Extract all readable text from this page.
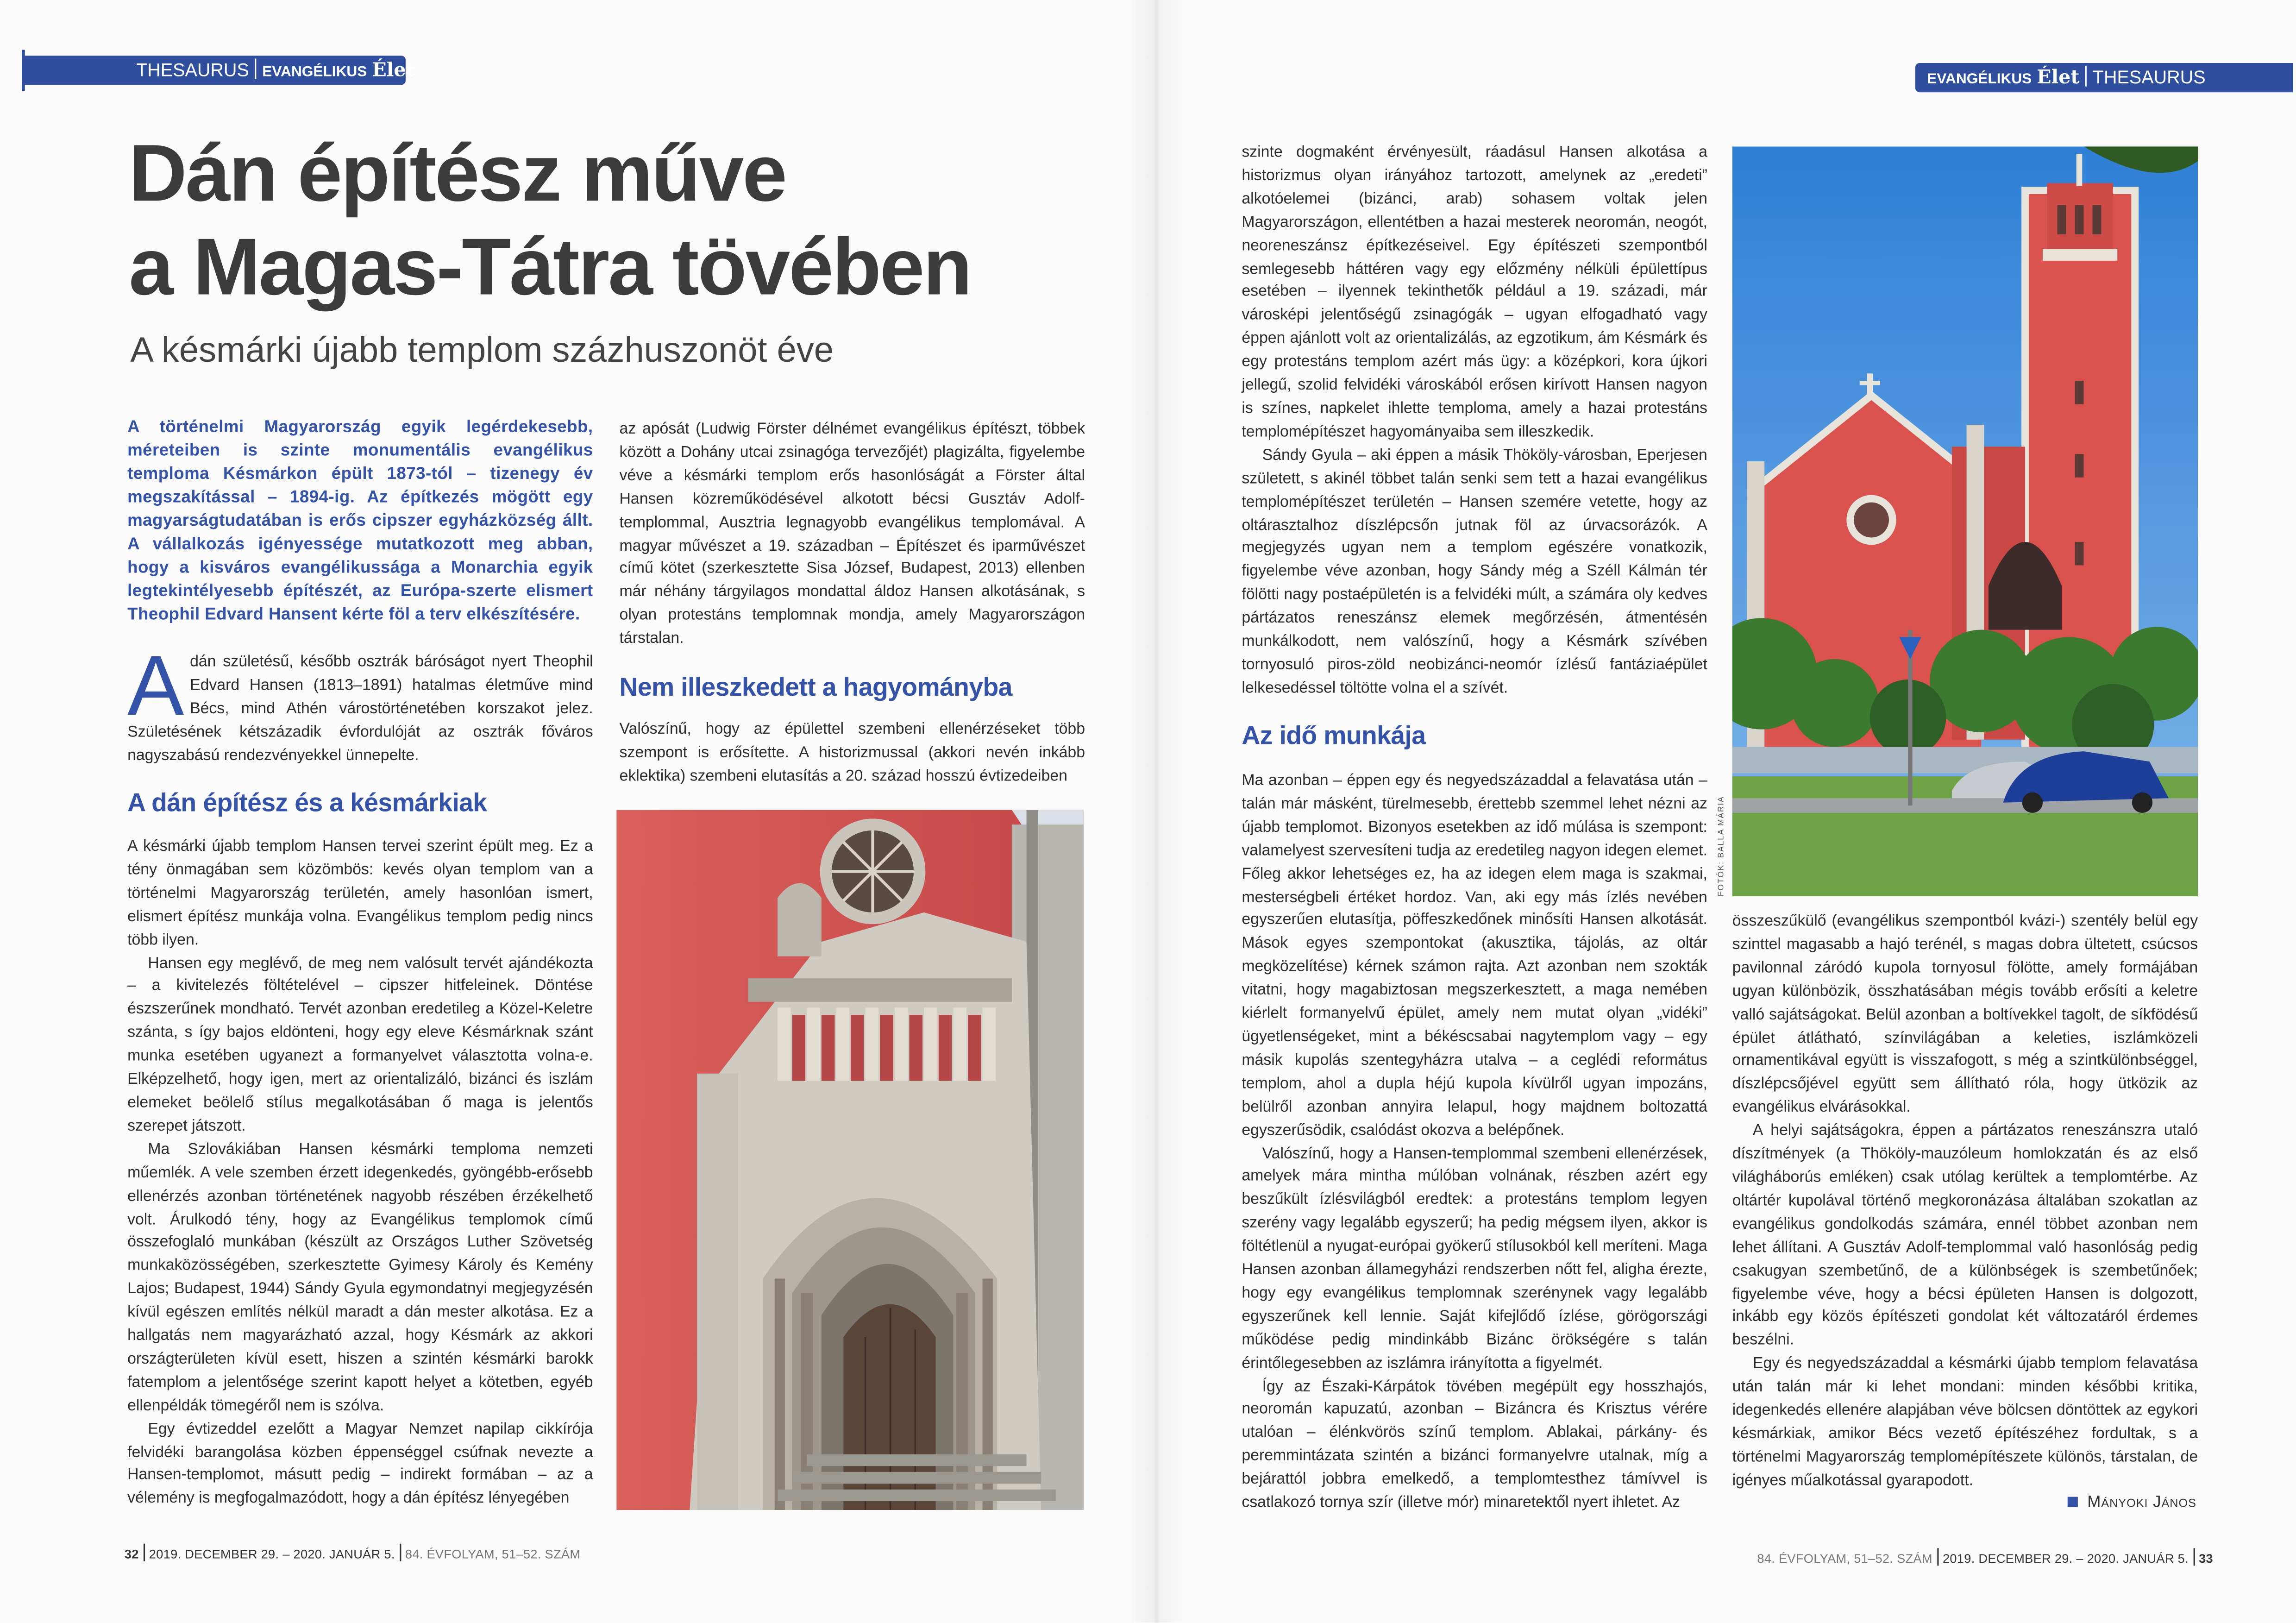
THESAURUS	EVANGÉLIKUS Élet
Dán építész műve
a Magas-Tátra tövében
A késmárki újabb templom százhuszonöt éve
A történelmi Magyarország egyik legérdekesebb, méreteiben is szinte monumentális evangélikus temploma Késmárkon épült 1873-tól – tizenegy év megszakítással – 1894-ig. Az építkezés mögött egy magyarságtudatában is erős cipszer egyházközség állt. A vállalkozás igényessége mutatkozott meg abban, hogy a kisváros evangélikussága a Monarchia egyik legtekintélyesebb építészét, az Európa-szerte elismert Theophil Edvard Hansent kérte föl a terv elkészítésére.
A dán születésű, később osztrák báróságot nyert Theophil Edvard Hansen (1813–1891) hatalmas életműve mind Bécs, mind Athén várostörténetében korszakot jelez. Születésének kétszázadik évfordulóját az osztrák főváros nagyszabású rendezvényekkel ünnepelte.
A dán építész és a késmárkiak

A késmárki újabb templom Hansen tervei szerint épült meg. Ez a tény önmagában sem közömbös: kevés olyan templom van a történelmi Magyarország területén, amely hasonlóan ismert, elismert építész munkája volna. Evangélikus templom pedig nincs több ilyen.

Hansen egy meglévő, de meg nem valósult tervét ajándékozta – a kivitelezés föltételével – cipszer hitfeleinek. Döntése észszerűnek mondható. Tervét azonban eredetileg a Közel-Keletre szánta, s így bajos eldönteni, hogy egy eleve Késmárknak szánt munka esetében ugyanezt a formanyelvet választotta volna-e. Elképzelhető, hogy igen, mert az orientalizáló, bizánci és iszlám elemeket beölelő stílus megalkotásában ő maga is jelentős szerepet játszott.

Ma Szlovákiában Hansen késmárki temploma nemzeti műemlék. A vele szemben érzett idegenkedés, gyöngébb-erősebb ellenérzés azonban történetének nagyobb részében érzékelhető volt. Árulkodó tény, hogy az Evangélikus templomok című összefoglaló munkában (készült az Országos Luther Szövetség munkaközösségében, szerkesztette Gyimesy Károly és Kemény Lajos; Budapest, 1944) Sándy Gyula egymondatnyi megjegyzésén kívül egészen említés nélkül maradt a dán mester alkotása. Ez a hallgatás nem magyarázható azzal, hogy Késmárk az akkori országterületen kívül esett, hiszen a szintén késmárki barokk fatemplom a jelentősége szerint kapott helyet a kötetben, egyéb ellenpéldák tömegéről nem is szólva.

Egy évtizeddel ezelőtt a Magyar Nemzet napilap cikkírója felvidéki barangolása közben éppenséggel csúfnak nevezte a Hansen-templomot, másutt pedig – indirekt formában – az a vélemény is megfogalmazódott, hogy a dán építész lényegében

az apósát (Ludwig Förster délnémet evangélikus építészt, többek között a Dohány utcai zsinagóga tervezőjét) plagizálta, figyelembe véve a késmárki templom erős hasonlóságát a Förster által Hansen közreműködésével alkotott bécsi Gusztáv Adolf-templommal, Ausztria legnagyobb evangélikus templomával. A magyar művészet a 19. században – Építészet és iparművészet című kötet (szerkesztette Sisa József, Budapest, 2013) ellenben már néhány tárgyilagos mondattal áldoz Hansen alkotásának, s olyan protestáns templomnak mondja, amely Magyarországon társtalan.

Nem illeszkedett a hagyományba

Valószínű, hogy az épülettel szembeni ellenérzéseket több szempont is erősítette. A historizmussal (akkori nevén inkább eklektika) szembeni elutasítás a 20. század hosszú évtizedeiben

32	2019. DECEMBER 29. – 2020. JANUÁR 5.	84. ÉVFOLYAM, 51–52. SZÁM
EVANGÉLIKUS Élet THESAURUS

szinte dogmaként érvényesült, ráadásul Hansen alkotása a historizmus olyan irányához tartozott, amelynek az „eredeti” alkotóelemei (bizánci, arab) sohasem voltak jelen Magyarországon, ellentétben a hazai mesterek neoromán, neogót, neoreneszánsz építkezéseivel. Egy építészeti szempontból semlegesebb háttéren vagy egy előzmény nélküli épülettípus esetében – ilyennek tekinthetők például a 19. századi, már városképi jelentőségű zsinagógák – ugyan elfogadható vagy éppen ajánlott volt az orientalizálás, az egzotikum, ám Késmárk és egy protestáns templom azért más ügy: a középkori, kora újkori jellegű, szolid felvidéki városkából erősen kirívott Hansen nagyon is színes, napkelet ihlette temploma, amely a hazai protestáns templomépítészet hagyományaiba sem illeszkedik.

Sándy Gyula – aki éppen a másik Thököly-városban, Eperjesen született, s akinél többet talán senki sem tett a hazai evangélikus templomépítészet területén – Hansen szemére vetette, hogy az oltárasztalhoz díszlépcsőn jutnak föl az úrvacsorázók. A megjegyzés ugyan nem a templom egészére vonatkozik, figyelembe véve azonban, hogy Sándy még a Széll Kálmán tér fölötti nagy postaépületén is a felvidéki múlt, a számára oly kedves pártázatos reneszánsz elemek megőrzésén, átmentésén munkálkodott, nem valószínű, hogy a Késmárk szívében tornyosuló piros-zöld neobizánci-neomór ízlésű fantáziaépület lelkesedéssel töltötte volna el a szívét.

Az idő munkája

Ma azonban – éppen egy és negyedszázaddal a felavatása után – talán már másként, türelmesebb, érettebb szemmel lehet nézni az újabb templomot. Bizonyos esetekben az idő múlása is szempont: valamelyest szervesíteni tudja az eredetileg nagyon idegen elemet. Főleg akkor lehetséges ez, ha az idegen elem maga is szakmai, mesterségbeli értéket hordoz. Van, aki egy más ízlés nevében egyszerűen elutasítja, pöffeszkedőnek minősíti Hansen alkotását. Mások egyes szempontokat (akusztika, tájolás, az oltár megközelítése) kérnek számon rajta. Azt azonban nem szokták vitatni, hogy magabiztosan megszerkesztett, a maga nemében kiérlelt formanyelvű épület, amely nem mutat olyan „vidéki” ügyetlenségeket, mint a békéscsabai nagytemplom vagy – egy másik kupolás szentegyházra utalva – a ceglédi református templom, ahol a dupla héjú kupola kívülről ugyan impozáns, belülről azonban annyira lelapul, hogy majdnem boltozattá egyszerűsödik, csalódást okozva a belépőnek.

Valószínű, hogy a Hansen-templommal szembeni ellenérzések, amelyek mára mintha múlóban volnának, részben azért egy beszűkült ízlésvilágból eredtek: a protestáns templom legyen szerény vagy legalább egyszerű; ha pedig mégsem ilyen, akkor is föltétlenül a nyugat-európai gyökerű stílusokból kell meríteni. Maga Hansen azonban államegyházi rendszerben nőtt fel, aligha érezte, hogy egy evangélikus templomnak szerénynek vagy legalább egyszerűnek kell lennie. Saját kifejlődő ízlése, görögországi működése pedig mindinkább Bizánc örökségére s talán érintőlegesebben az iszlámra irányította a figyelmét.

Így az Északi-Kárpátok tövében megépült egy hosszhajós, neoromán kapuzatú, azonban – Bizáncra és Krisztus vérére utalóan – élénkvörös színű templom. Ablakai, párkány- és peremmintázata szintén a bizánci formanyelvre utalnak, míg a bejárattól jobbra emelkedő, a templomtesthez támívvel is csatlakozó tornya szír (illetve mór) minaretektől nyert ihletet. Az

FOTÓK: BALLA MÁRIA

összeszűkülő (evangélikus szempontból kvázi-) szentély belül egy szinttel magasabb a hajó terénél, s magas dobra ültetett, csúcsos pavilonnal záródó kupola tornyosul fölötte, amely formájában ugyan különbözik, összhatásában mégis tovább erősíti a keletre valló sajátságokat. Belül azonban a boltívekkel tagolt, de síkfödésű épület átlátható, színvilágában a keleties, iszlámközeli ornamentikával együtt is visszafogott, s még a szintkülönbséggel, díszlépcsőjével együtt sem állítható róla, hogy ütközik az evangélikus elvárásokkal.

A helyi sajátságokra, éppen a pártázatos reneszánszra utaló díszítmények (a Thököly-mauzóleum homlokzatán és az első világháborús emléken) csak utólag kerültek a templomtérbe. Az oltártér kupolával történő megkoronázása általában szokatlan az evangélikus gondolkodás számára, ennél többet azonban nem lehet állítani. A Gusztáv Adolf-templommal való hasonlóság pedig csakugyan szembetűnő, de a különbségek is szembetűnőek; figyelembe véve, hogy a bécsi épületen Hansen is dolgozott, inkább egy közös építészeti gondolat két változatáról érdemes beszélni.

Egy és negyedszázaddal a késmárki újabb templom felavatása után talán már ki lehet mondani: minden későbbi kritika, idegenkedés ellenére alapjában véve bölcsen döntöttek az egykori késmárkiak, amikor Bécs vezető építészéhez fordultak, s a történelmi Magyarország templomépítészete különös, társtalan, de igényes műalkotással gyarapodott.

Mányoki János
84. ÉVFOLYAM, 51–52. SZÁM	2019. DECEMBER 29. – 2020. JANUÁR 5.	33
